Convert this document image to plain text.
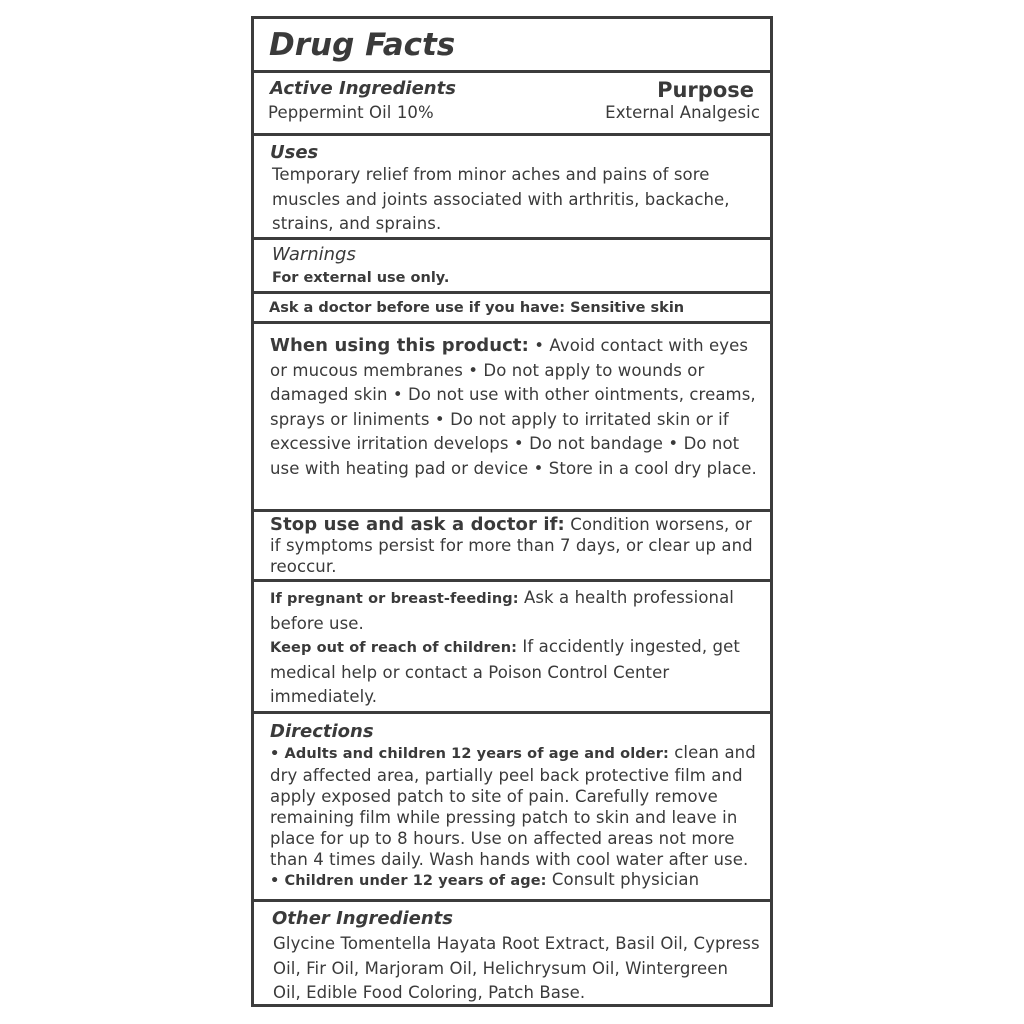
Drug Facts
Active Ingredients	Purpose
Peppermint Oil 10%	External Analgesic
Uses
Temporary relief from minor aches and pains of sore muscles and joints associated with arthritis, backache, strains, and sprains.
Warnings
For external use only.
Ask a doctor before use if you have: Sensitive skin
When using this product: • Avoid contact with eyes or mucous membranes • Do not apply to wounds or damaged skin • Do not use with other ointments, creams, sprays or liniments • Do not apply to irritated skin or if excessive irritation develops • Do not bandage • Do not use with heating pad or device • Store in a cool dry place.
Stop use and ask a doctor if: Condition worsens, or if symptoms persist for more than 7 days, or clear up and reoccur.
If pregnant or breast-feeding: Ask a health professional before use.
Keep out of reach of children: If accidently ingested, get medical help or contact a Poison Control Center immediately.
Directions
• Adults and children 12 years of age and older: clean and dry affected area, partially peel back protective film and apply exposed patch to site of pain. Carefully remove remaining film while pressing patch to skin and leave in place for up to 8 hours. Use on affected areas not more than 4 times daily. Wash hands with cool water after use.
• Children under 12 years of age: Consult physician
Other Ingredients
Glycine Tomentella Hayata Root Extract, Basil Oil, Cypress Oil, Fir Oil, Marjoram Oil, Helichrysum Oil, Wintergreen Oil, Edible Food Coloring, Patch Base.
